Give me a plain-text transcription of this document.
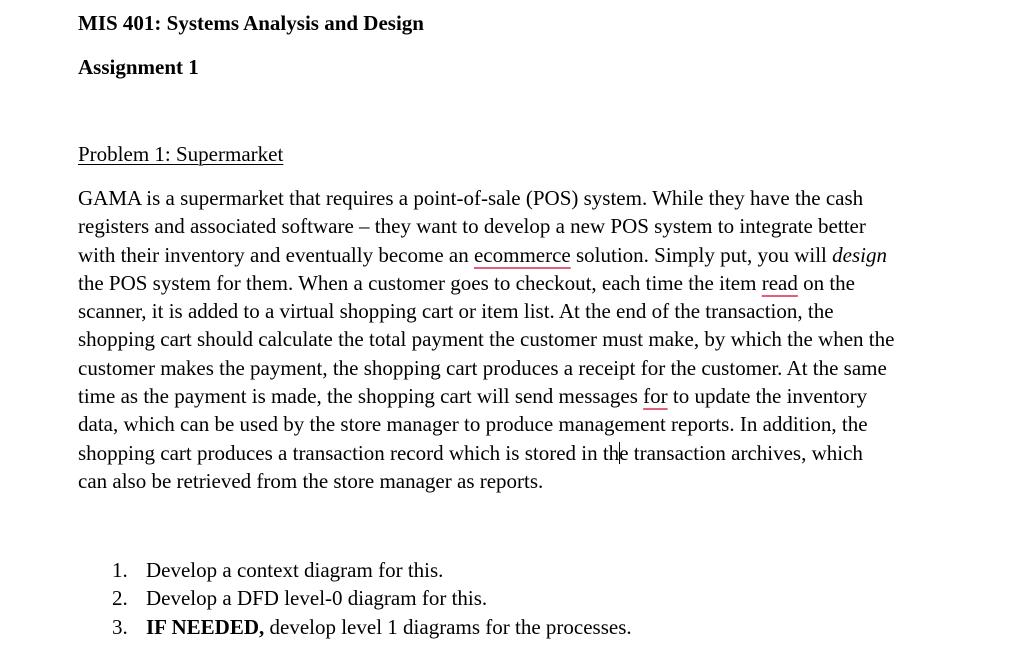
MIS 401: Systems Analysis and Design

Assignment 1

Problem 1: Supermarket
GAMA is a supermarket that requires a point-of-sale (POS) system. While they have the cash
registers and associated software – they want to develop a new POS system to integrate better
with their inventory and eventually become an ecommerce solution. Simply put, you will design
the POS system for them. When a customer goes to checkout, each time the item read on the
scanner, it is added to a virtual shopping cart or item list. At the end of the transaction, the
shopping cart should calculate the total payment the customer must make, by which the when the
customer makes the payment, the shopping cart produces a receipt for the customer. At the same
time as the payment is made, the shopping cart will send messages for to update the inventory
data, which can be used by the store manager to produce management reports. In addition, the
shopping cart produces a transaction record which is stored in the transaction archives, which
can also be retrieved from the store manager as reports.
1. Develop a context diagram for this.
2. Develop a DFD level-0 diagram for this.
3. IF NEEDED, develop level 1 diagrams for the processes.
